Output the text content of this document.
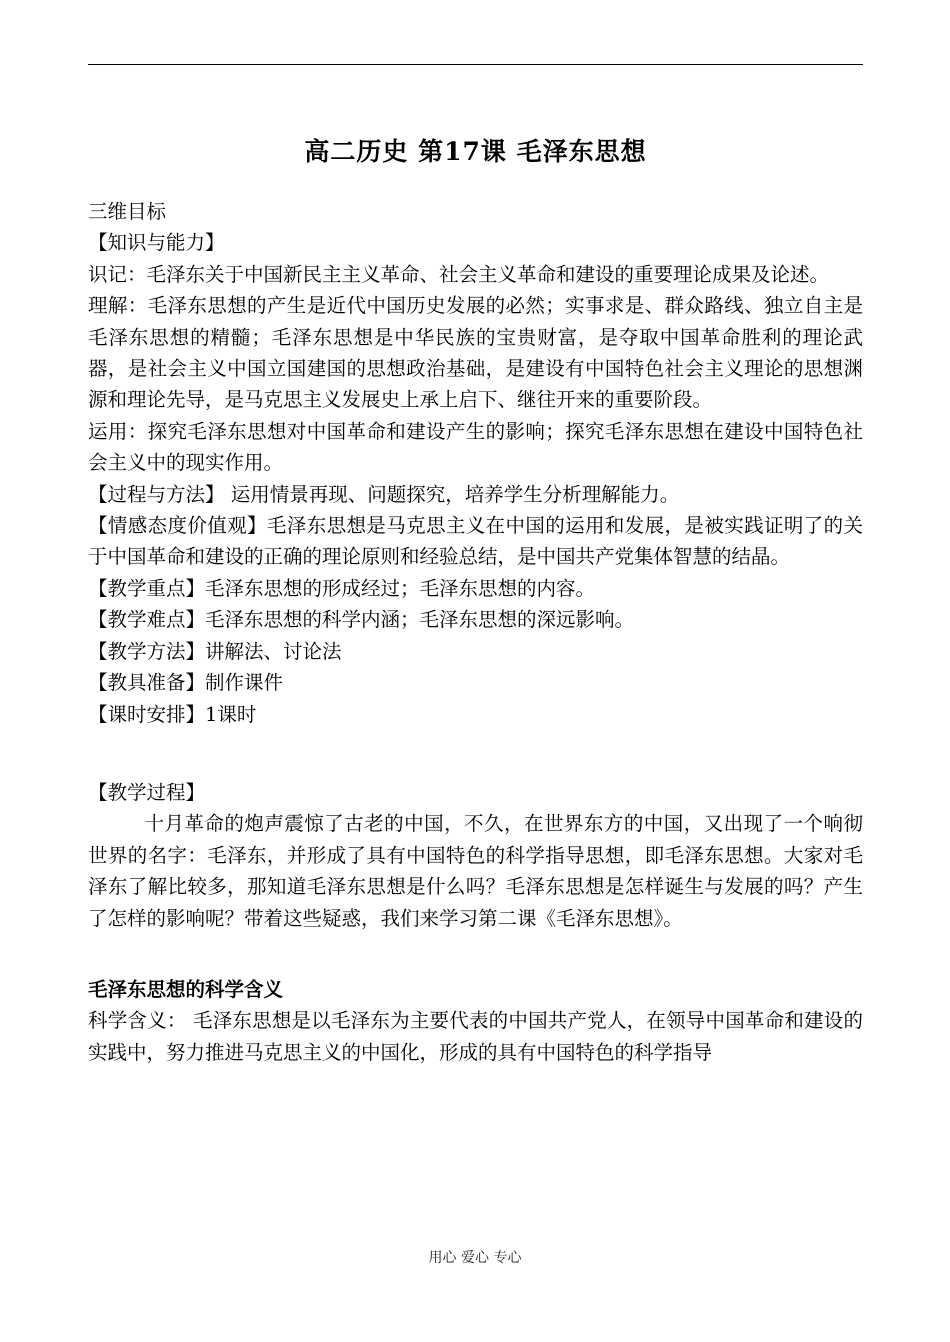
高二历史 第17课 毛泽东思想

三维目标

【知识与能力】

识记：毛泽东关于中国新民主主义革命、社会主义革命和建设的重要理论成果及论述。

理解：毛泽东思想的产生是近代中国历史发展的必然；实事求是、群众路线、独立自主是毛泽东思想的精髓；毛泽东思想是中华民族的宝贵财富，是夺取中国革命胜利的理论武器，是社会主义中国立国建国的思想政治基础，是建设有中国特色社会主义理论的思想渊源和理论先导，是马克思主义发展史上承上启下、继往开来的重要阶段。

运用：探究毛泽东思想对中国革命和建设产生的影响；探究毛泽东思想在建设中国特色社会主义中的现实作用。

【过程与方法】 运用情景再现、问题探究，培养学生分析理解能力。

【情感态度价值观】毛泽东思想是马克思主义在中国的运用和发展，是被实践证明了的关于中国革命和建设的正确的理论原则和经验总结，是中国共产党集体智慧的结晶。

【教学重点】毛泽东思想的形成经过；毛泽东思想的内容。

【教学难点】毛泽东思想的科学内涵；毛泽东思想的深远影响。

【教学方法】讲解法、讨论法

【教具准备】制作课件

【课时安排】1课时

【教学过程】

十月革命的炮声震惊了古老的中国，不久，在世界东方的中国，又出现了一个响彻世界的名字：毛泽东，并形成了具有中国特色的科学指导思想，即毛泽东思想。大家对毛泽东了解比较多，那知道毛泽东思想是什么吗？毛泽东思想是怎样诞生与发展的吗？产生了怎样的影响呢？带着这些疑惑，我们来学习第二课《毛泽东思想》。

毛泽东思想的科学含义

科学含义： 毛泽东思想是以毛泽东为主要代表的中国共产党人，在领导中国革命和建设的实践中，努力推进马克思主义的中国化，形成的具有中国特色的科学指导

用心 爱心 专心
